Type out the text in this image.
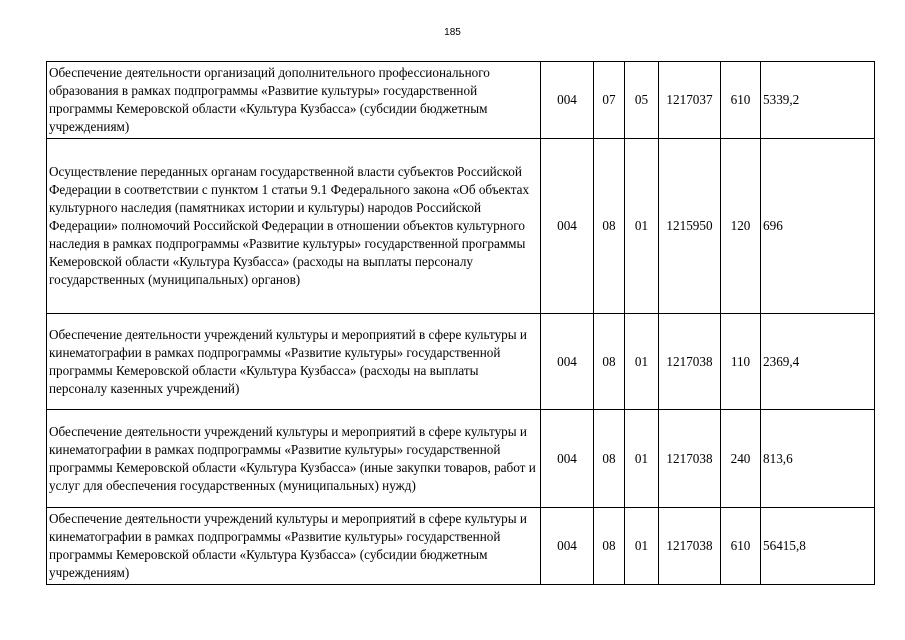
185
Обеспечение деятельности организаций дополнительного профессионального образования в рамках подпрограммы «Развитие культуры» государственной программы Кемеровской области «Культура Кузбасса» (субсидии бюджетным учреждениям)	004	07	05	1217037	610	5339,2
Осуществление переданных органам государственной власти субъектов Российской Федерации в соответствии с пунктом 1 статьи 9.1 Федерального закона «Об объектах культурного наследия (памятниках истории и культуры) народов Российской Федерации» полномочий Российской Федерации в отношении объектов культурного наследия в рамках подпрограммы «Развитие культуры» государственной программы Кемеровской области «Культура Кузбасса» (расходы на выплаты персоналу государственных (муниципальных) органов)	004	08	01	1215950	120	696
Обеспечение деятельности учреждений культуры и мероприятий в сфере культуры и кинематографии в рамках подпрограммы «Развитие культуры» государственной программы Кемеровской области «Культура Кузбасса» (расходы на выплаты персоналу казенных учреждений)	004	08	01	1217038	110	2369,4
Обеспечение деятельности учреждений культуры и мероприятий в сфере культуры и кинематографии в рамках подпрограммы «Развитие культуры» государственной программы Кемеровской области «Культура Кузбасса» (иные закупки товаров, работ и услуг для обеспечения государственных (муниципальных) нужд)	004	08	01	1217038	240	813,6
Обеспечение деятельности учреждений культуры и мероприятий в сфере культуры и кинематографии в рамках подпрограммы «Развитие культуры» государственной программы Кемеровской области «Культура Кузбасса» (субсидии бюджетным учреждениям)	004	08	01	1217038	610	56415,8
